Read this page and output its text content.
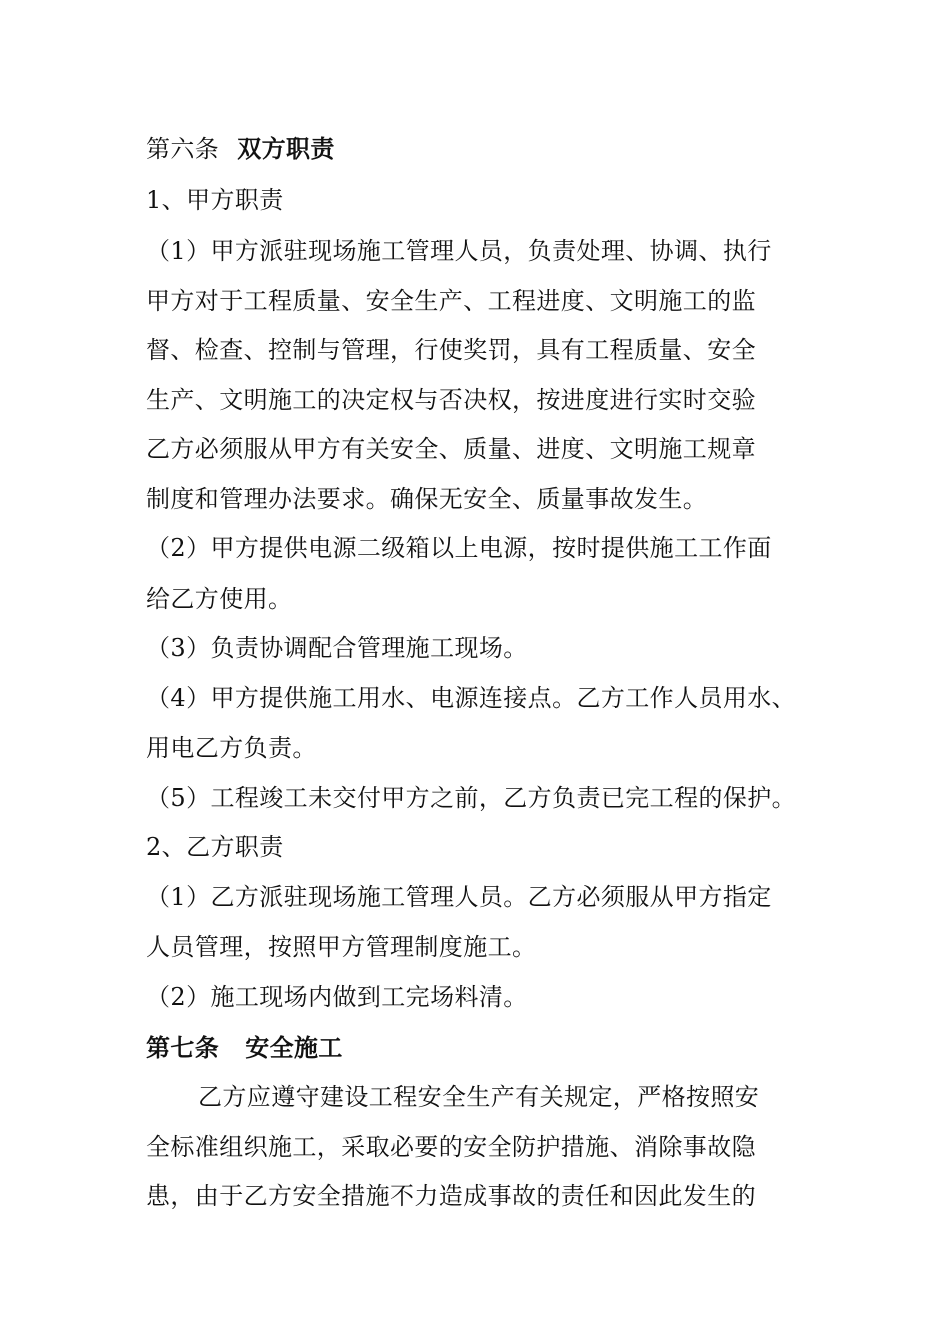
第六条 双方职责
1、甲方职责
（1）甲方派驻现场施工管理人员，负责处理、协调、执行
甲方对于工程质量、安全生产、工程进度、文明施工的监
督、检查、控制与管理，行使奖罚，具有工程质量、安全
生产、文明施工的决定权与否决权，按进度进行实时交验
乙方必须服从甲方有关安全、质量、进度、文明施工规章
制度和管理办法要求。确保无安全、质量事故发生。
（2）甲方提供电源二级箱以上电源，按时提供施工工作面
给乙方使用。
（3）负责协调配合管理施工现场。
（4）甲方提供施工用水、电源连接点。乙方工作人员用水、
用电乙方负责。
（5）工程竣工未交付甲方之前，乙方负责已完工程的保护。
2、乙方职责
（1）乙方派驻现场施工管理人员。乙方必须服从甲方指定
人员管理，按照甲方管理制度施工。
（2）施工现场内做到工完场料清。
第七条 安全施工
乙方应遵守建设工程安全生产有关规定，严格按照安
全标准组织施工，采取必要的安全防护措施、消除事故隐
患，由于乙方安全措施不力造成事故的责任和因此发生的
